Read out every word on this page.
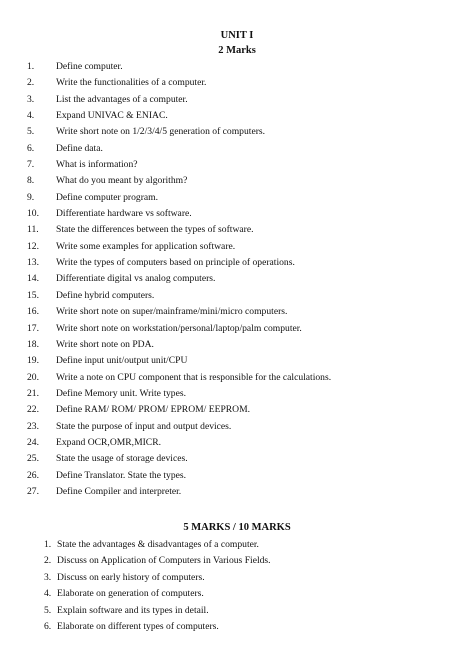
UNIT I
2 Marks
1. Define computer.
2. Write the functionalities of a computer.
3. List the advantages of a computer.
4. Expand UNIVAC & ENIAC.
5. Write short note on 1/2/3/4/5 generation of computers.
6. Define data.
7. What is information?
8. What do you meant by algorithm?
9. Define computer program.
10. Differentiate hardware vs software.
11. State the differences between the types of software.
12. Write some examples for application software.
13. Write the types of computers based on principle of operations.
14. Differentiate digital vs analog computers.
15. Define hybrid computers.
16. Write short note on super/mainframe/mini/micro computers.
17. Write short note on workstation/personal/laptop/palm computer.
18. Write short note on PDA.
19. Define input unit/output unit/CPU
20. Write a note on CPU component that is responsible for the calculations.
21. Define Memory unit. Write types.
22. Define RAM/ ROM/ PROM/ EPROM/ EEPROM.
23. State the purpose of input and output devices.
24. Expand OCR,OMR,MICR.
25. State the usage of storage devices.
26. Define Translator. State the types.
27. Define Compiler and interpreter.
5 MARKS / 10 MARKS
1. State the advantages & disadvantages of a computer.
2. Discuss on Application of Computers in Various Fields.
3. Discuss on early history of computers.
4. Elaborate on generation of computers.
5. Explain software and its types in detail.
6. Elaborate on different types of computers.
